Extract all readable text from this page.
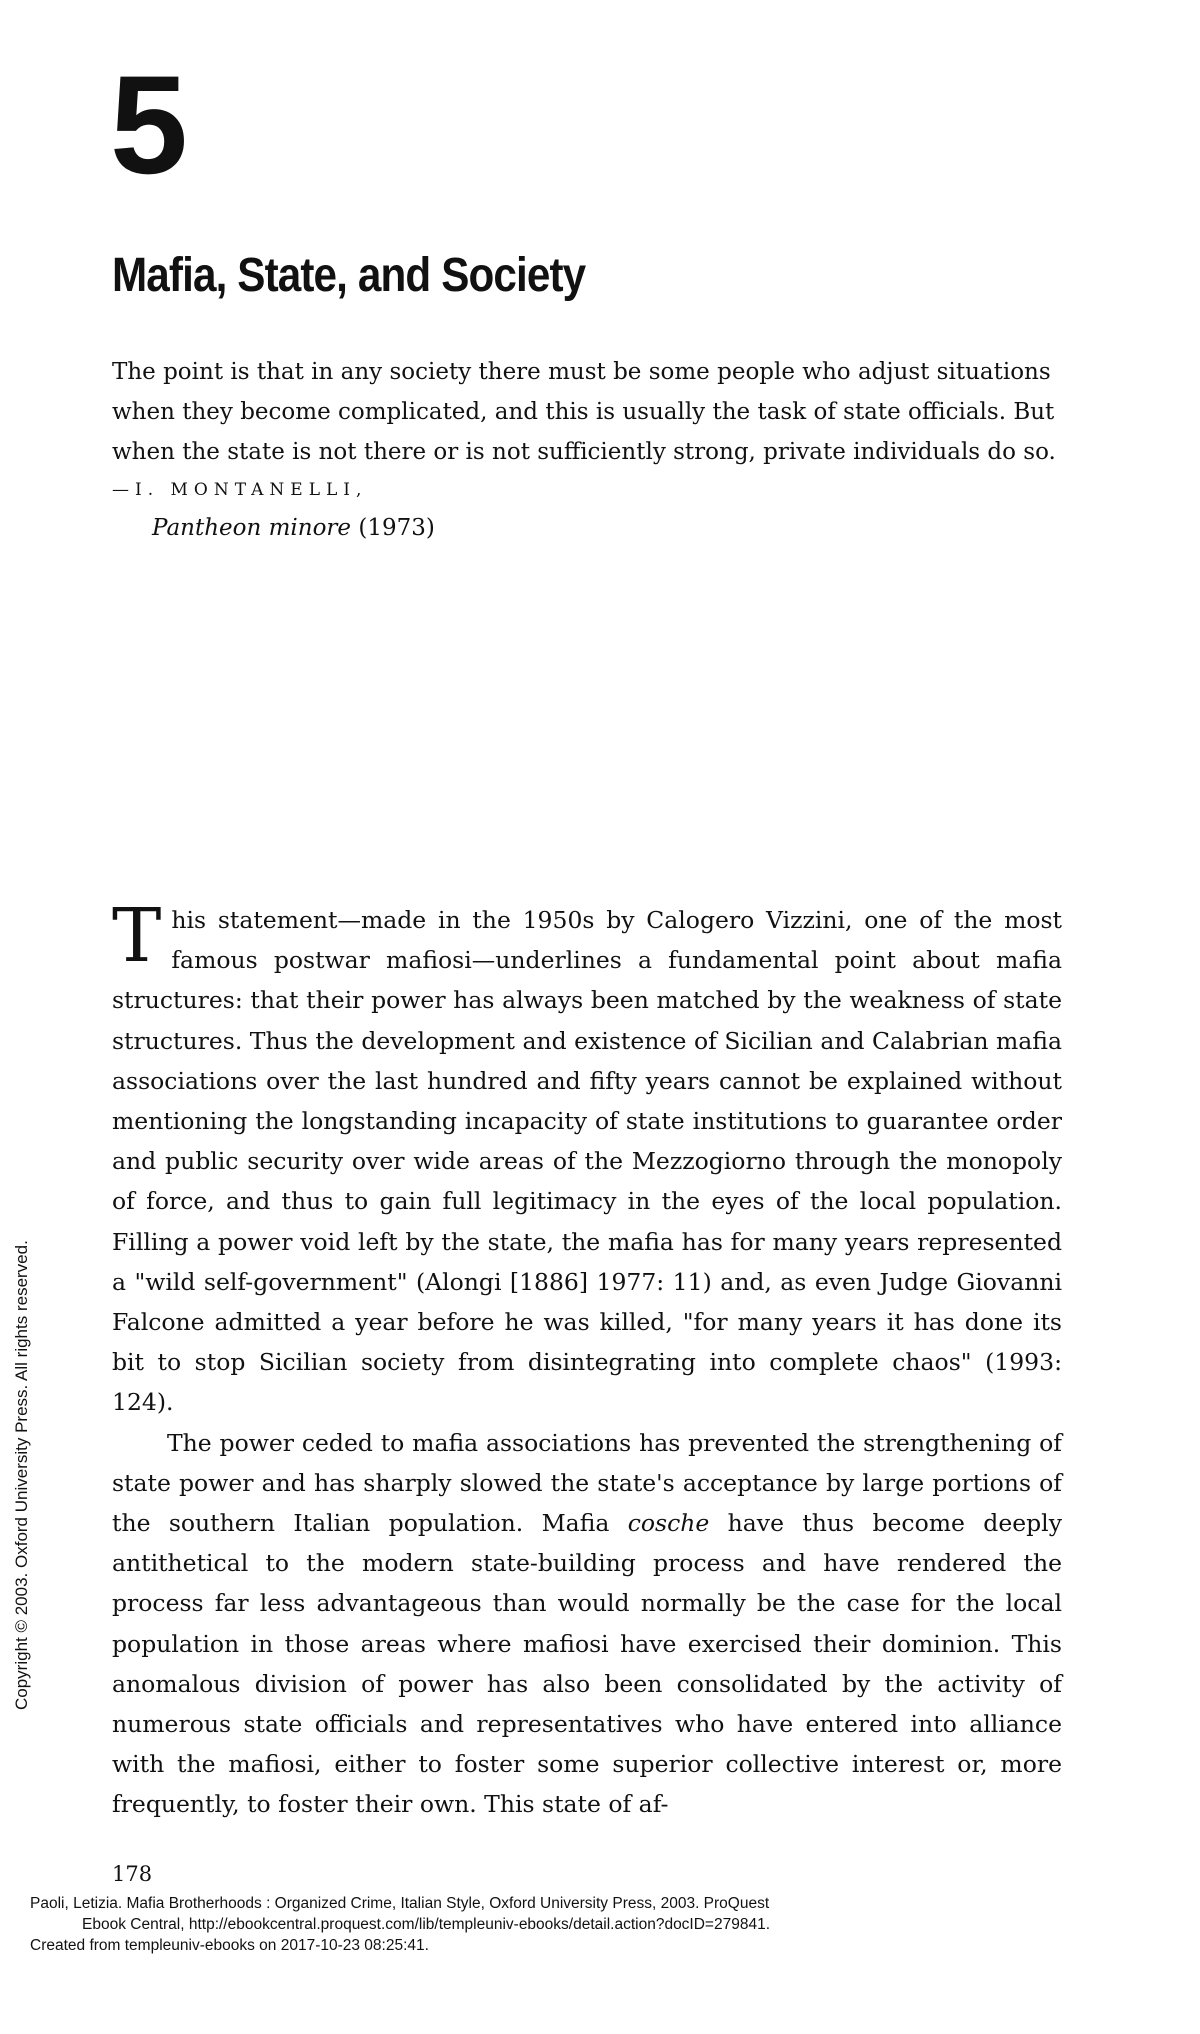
5
Mafia, State, and Society

The point is that in any society there must be some people who adjust situations when they become complicated, and this is usually the task of state officials. But when the state is not there or is not sufficiently strong, private individuals do so.

—I. MONTANELLI,

Pantheon minore (1973)

This statement—made in the 1950s by Calogero Vizzini, one of the most famous postwar mafiosi—underlines a fundamental point about mafia structures: that their power has always been matched by the weakness of state structures. Thus the development and existence of Sicilian and Calabrian mafia associations over the last hundred and fifty years cannot be explained without mentioning the longstanding incapacity of state institutions to guarantee order and public security over wide areas of the Mezzogiorno through the monopoly of force, and thus to gain full legitimacy in the eyes of the local population. Filling a power void left by the state, the mafia has for many years represented a "wild self-government" (Alongi [1886] 1977: 11) and, as even Judge Giovanni Falcone admitted a year before he was killed, "for many years it has done its bit to stop Sicilian society from disintegrating into complete chaos" (1993: 124).

The power ceded to mafia associations has prevented the strengthening of state power and has sharply slowed the state's acceptance by large portions of the southern Italian population. Mafia cosche have thus become deeply antithetical to the modern state-building process and have rendered the process far less advantageous than would normally be the case for the local population in those areas where mafiosi have exercised their dominion. This anomalous division of power has also been consolidated by the activity of numerous state officials and representatives who have entered into alliance with the mafiosi, either to foster some superior collective interest or, more frequently, to foster their own. This state of af-

Copyright © 2003. Oxford University Press. All rights reserved.
178

Paoli, Letizia. Mafia Brotherhoods : Organized Crime, Italian Style, Oxford University Press, 2003. ProQuest

Ebook Central, http://ebookcentral.proquest.com/lib/templeuniv-ebooks/detail.action?docID=279841.

Created from templeuniv-ebooks on 2017-10-23 08:25:41.
